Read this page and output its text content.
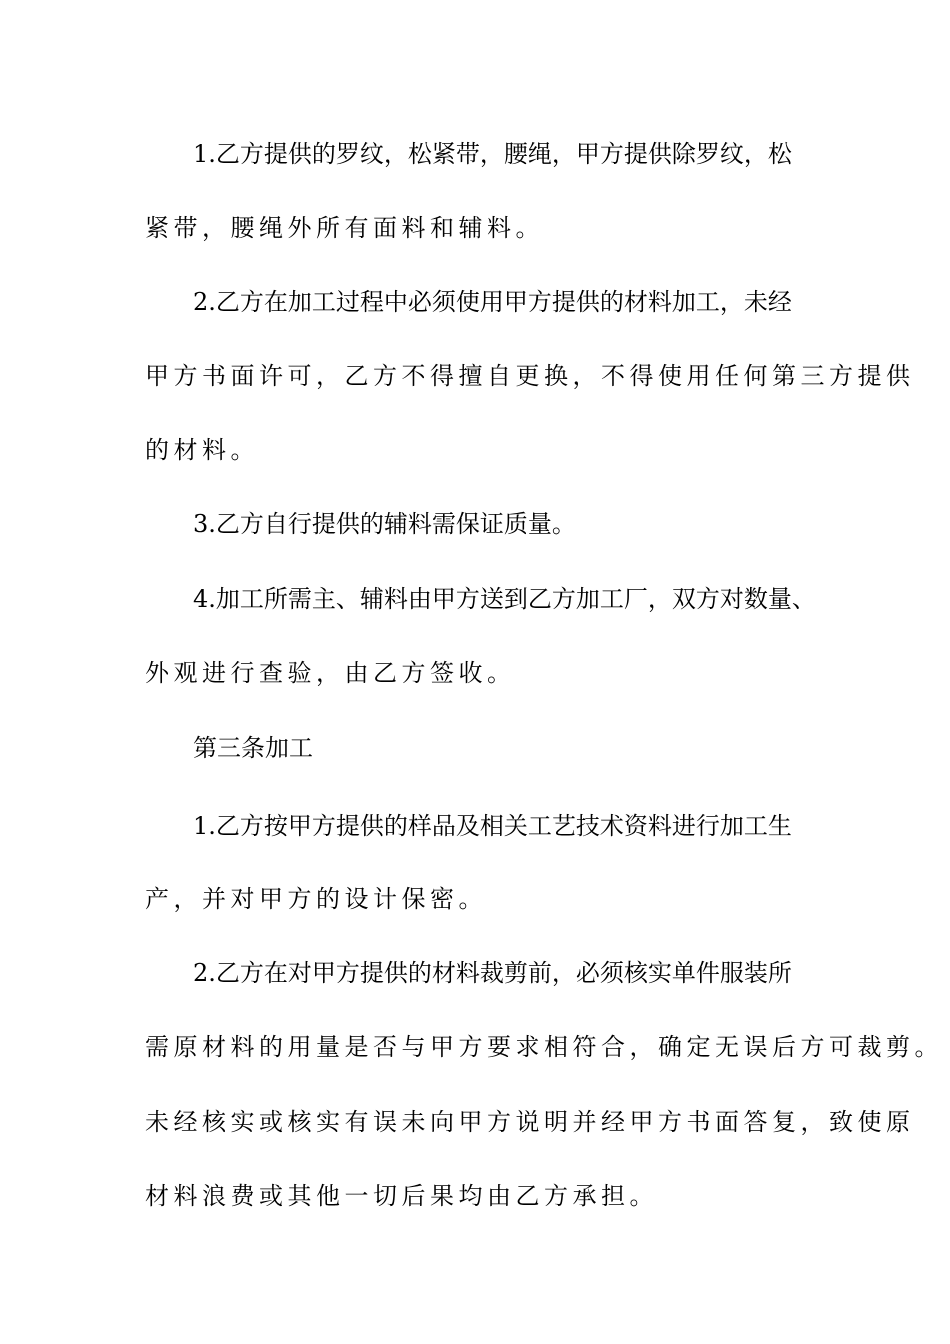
1.乙方提供的罗纹，松紧带，腰绳，甲方提供除罗纹，松
紧带，腰绳外所有面料和辅料。
2.乙方在加工过程中必须使用甲方提供的材料加工，未经
甲方书面许可，乙方不得擅自更换，不得使用任何第三方提供
的材料。
3.乙方自行提供的辅料需保证质量。
4.加工所需主、辅料由甲方送到乙方加工厂，双方对数量、
外观进行查验，由乙方签收。
第三条加工
1.乙方按甲方提供的样品及相关工艺技术资料进行加工生
产，并对甲方的设计保密。
2.乙方在对甲方提供的材料裁剪前，必须核实单件服装所
需原材料的用量是否与甲方要求相符合，确定无误后方可裁剪。
未经核实或核实有误未向甲方说明并经甲方书面答复，致使原
材料浪费或其他一切后果均由乙方承担。
